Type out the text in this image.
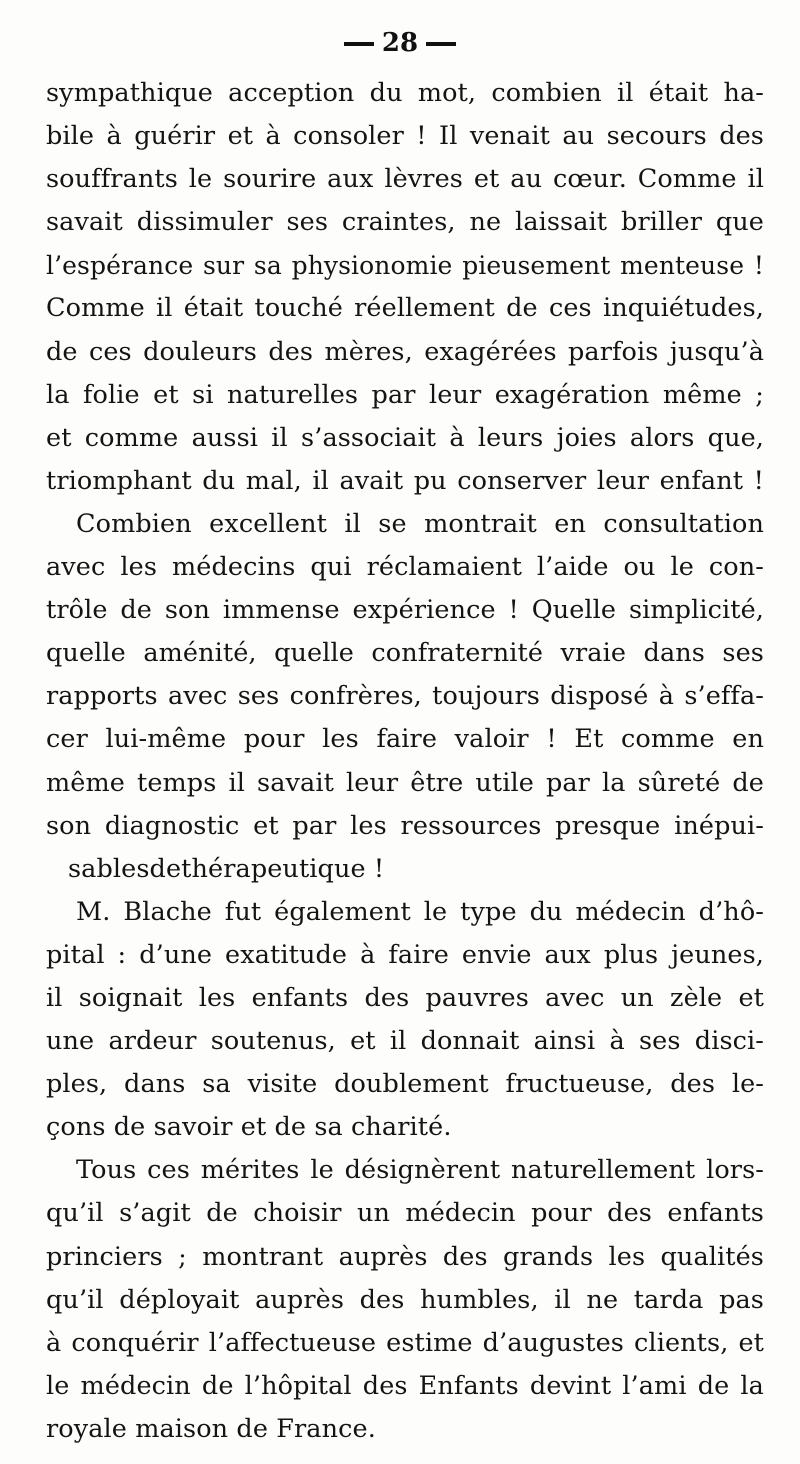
28
sympathique acception du mot, combien il était ha-
bile à guérir et à consoler ! Il venait au secours des
souffrants le sourire aux lèvres et au cœur. Comme il
savait dissimuler ses craintes, ne laissait briller que
l’espérance sur sa physionomie pieusement menteuse !
Comme il était touché réellement de ces inquiétudes,
de ces douleurs des mères, exagérées parfois jusqu’à
la folie et si naturelles par leur exagération même ;
et comme aussi il s’associait à leurs joies alors que,
triomphant du mal, il avait pu conserver leur enfant !
Combien excellent il se montrait en consultation
avec les médecins qui réclamaient l’aide ou le con-
trôle de son immense expérience ! Quelle simplicité,
quelle aménité, quelle confraternité vraie dans ses
rapports avec ses confrères, toujours disposé à s’effa-
cer lui-même pour les faire valoir ! Et comme en
même temps il savait leur être utile par la sûreté de
son diagnostic et par les ressources presque inépui-
sablesdethérapeutique !
M. Blache fut également le type du médecin d’hô-
pital : d’une exatitude à faire envie aux plus jeunes,
il soignait les enfants des pauvres avec un zèle et
une ardeur soutenus, et il donnait ainsi à ses disci-
ples, dans sa visite doublement fructueuse, des le-
çons de savoir et de sa charité.
Tous ces mérites le désignèrent naturellement lors-
qu’il s’agit de choisir un médecin pour des enfants
princiers ; montrant auprès des grands les qualités
qu’il déployait auprès des humbles, il ne tarda pas
à conquérir l’affectueuse estime d’augustes clients, et
le médecin de l’hôpital des Enfants devint l’ami de la
royale maison de France.
